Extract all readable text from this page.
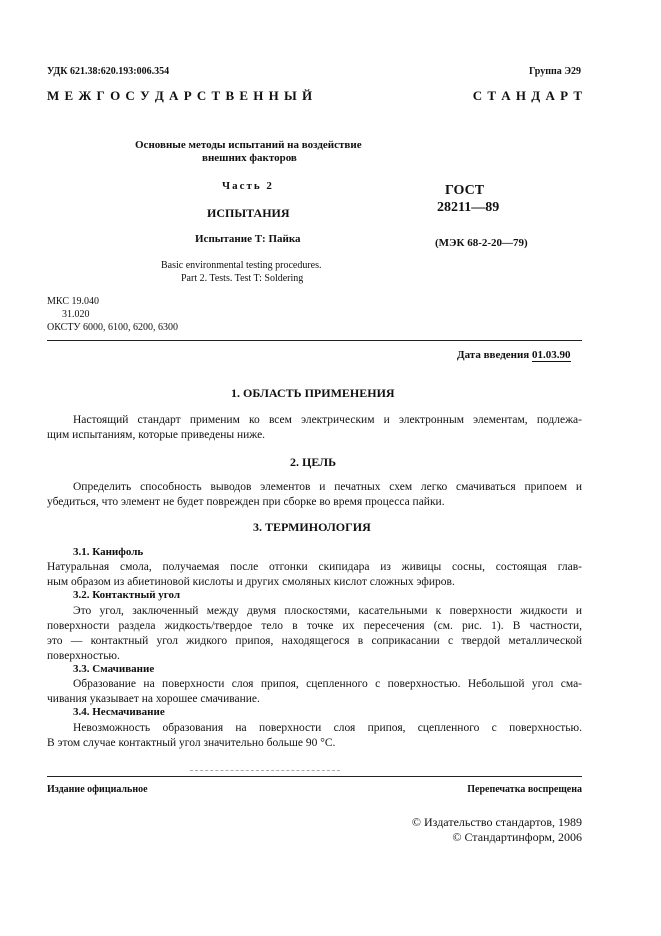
УДК 621.38:620.193:006.354	Группа Э29
М Е Ж Г О С У Д А Р С Т В Е Н Н Ы Й	С Т А Н Д А Р Т
Основные методы испытаний на воздействие
внешних факторов
Часть 2
ИСПЫТАНИЯ
Испытание Т: Пайка
Basic environmental testing procedures.
Part 2. Tests. Test T: Soldering
ГОСТ
28211—89
(МЭК 68-2-20—79)
МКС 19.040
31.020
ОКСТУ 6000, 6100, 6200, 6300
Дата введения 01.03.90
1. ОБЛАСТЬ ПРИМЕНЕНИЯ
Настоящий стандарт применим ко всем электрическим и электронным элементам, подлежа-
щим испытаниям, которые приведены ниже.
2. ЦЕЛЬ
Определить способность выводов элементов и печатных схем легко смачиваться припоем и
убедиться, что элемент не будет поврежден при сборке во время процесса пайки.
3. ТЕРМИНОЛОГИЯ
3.1. Канифоль
Натуральная смола, получаемая после отгонки скипидара из живицы сосны, состоящая глав-
ным образом из абиетиновой кислоты и других смоляных кислот сложных эфиров.
3.2. Контактный угол
Это угол, заключенный между двумя плоскостями, касательными к поверхности жидкости и
поверхности раздела жидкость/твердое тело в точке их пересечения (см. рис. 1). В частности,
это — контактный угол жидкого припоя, находящегося в соприкасании с твердой металлической
поверхностью.
3.3. Смачивание
Образование на поверхности слоя припоя, сцепленного с поверхностью. Небольшой угол сма-
чивания указывает на хорошее смачивание.
3.4. Несмачивание
Невозможность образования на поверхности слоя припоя, сцепленного с поверхностью.
В этом случае контактный угол значительно больше 90 °С.
Издание официальное	Перепечатка воспрещена
© Издательство стандартов, 1989
© Стандартинформ, 2006
